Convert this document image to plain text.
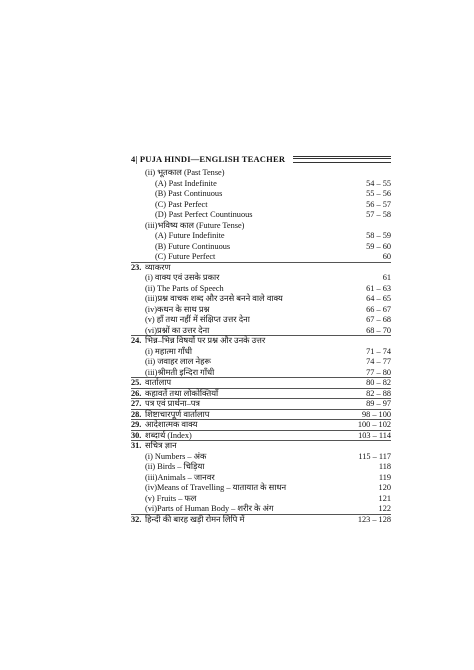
4| PUJA HINDI—ENGLISH TEACHER
(ii) भूतकाल (Past Tense)
(A) Past Indefinite	54 – 55
(B) Past Continuous	55 – 56
(C) Past Perfect	56 – 57
(D) Past Perfect Countinuous	57 – 58
(iii)भविष्य काल (Future Tense)
(A) Future Indefinite	58 – 59
(B) Future Continuous	59 – 60
(C) Future Perfect	60
23. व्याकरण
(i) वाक्य एवं उसके प्रकार	61
(ii) The Parts of Speech	61 – 63
(iii)प्रश्न वाचक शब्द और उनसे बनने वाले वाक्य	64 – 65
(iv)कथन के साथ प्रश्न	66 – 67
(v) हाँ तथा नहीं में संक्षिप्त उत्तर देना	67 – 68
(vi)प्रश्नों का उत्तर देना	68 – 70
24. भिन्न–भिन्न विषयों पर प्रश्न और उनके उत्तर
(i) महात्मा गाँधी	71 – 74
(ii) जवाहर लाल नेहरू	74 – 77
(iii)श्रीमती इन्दिरा गाँधी	77 – 80
25. वार्तालाप	80 – 82
26. कहावतें तथा लोकोक्तियाँ	82 – 88
27. पत्र एवं प्रार्थना–पत्र	89 – 97
28. शिष्टाचारपूर्ण वार्तालाप	98 – 100
29. आदेशात्मक वाक्य	100 – 102
30. शब्दार्थ (Index)	103 – 114
31. सचित्र ज्ञान
(i) Numbers – अंक	115 – 117
(ii) Birds – चिड़िया	118
(iii)Animals – जानवर	119
(iv)Means of Travelling – यातायात के साधन	120
(v) Fruits – फल	121
(vi)Parts of Human Body – शरीर के अंग	122
32. हिन्दी की बारह खड़ी रोमन लिपि में	123 – 128
